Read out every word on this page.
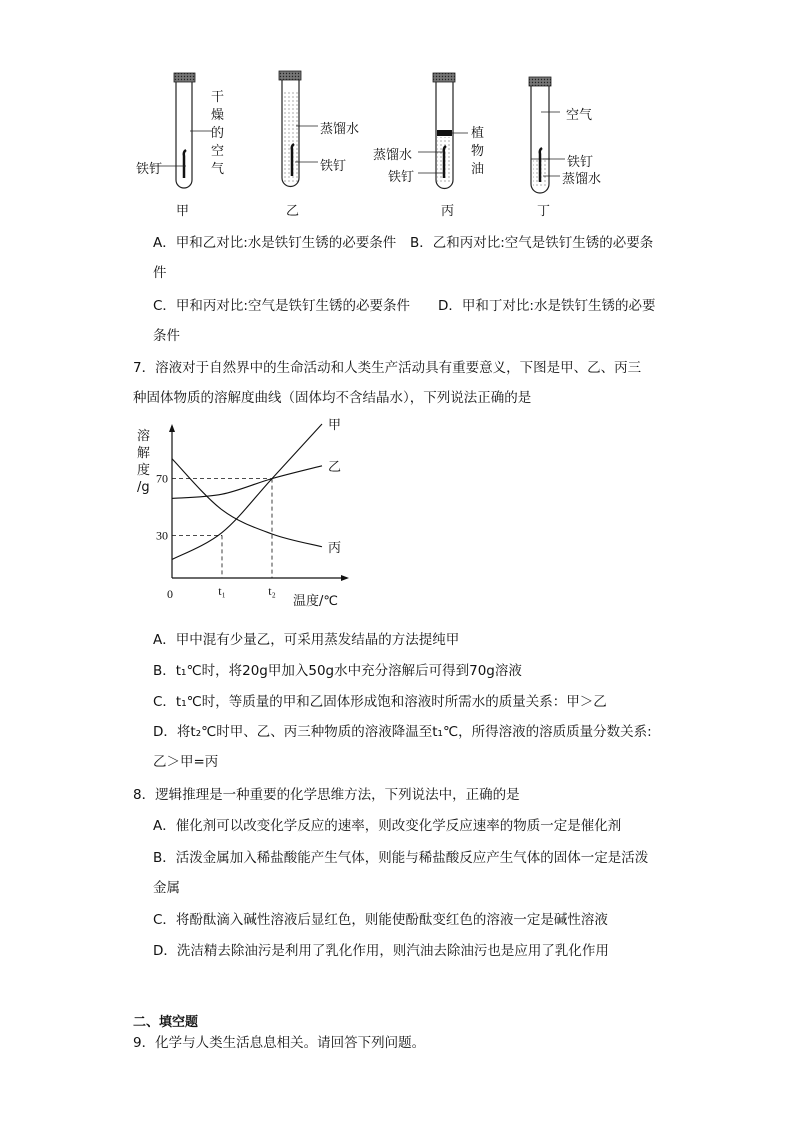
铁钉
干
燥
的
空
气
甲
蒸馏水
铁钉
乙
蒸馏水
铁钉
植
物
油
丙
空气
铁钉
蒸馏水
丁
A．甲和乙对比:水是铁钉生锈的必要条件 B．乙和丙对比:空气是铁钉生锈的必要条
件
C．甲和丙对比:空气是铁钉生锈的必要条件 D．甲和丁对比:水是铁钉生锈的必要
条件
7．溶液对于自然界中的生命活动和人类生产活动具有重要意义，下图是甲、乙、丙三
种固体物质的溶解度曲线（固体均不含结晶水），下列说法正确的是
溶
解
度
/g
甲
乙
丙
30
70
t₁	t₂
温度/℃
0
A．甲中混有少量乙，可采用蒸发结晶的方法提纯甲
B．t₁℃时，将20g甲加入50g水中充分溶解后可得到70g溶液
C．t₁℃时，等质量的甲和乙固体形成饱和溶液时所需水的质量关系：甲＞乙
D．将t₂℃时甲、乙、丙三种物质的溶液降温至t₁℃，所得溶液的溶质质量分数关系:
乙＞甲=丙
8．逻辑推理是一种重要的化学思维方法，下列说法中，正确的是
A．催化剂可以改变化学反应的速率，则改变化学反应速率的物质一定是催化剂
B．活泼金属加入稀盐酸能产生气体，则能与稀盐酸反应产生气体的固体一定是活泼
金属
C．将酚酞滴入碱性溶液后显红色，则能使酚酞变红色的溶液一定是碱性溶液
D．洗洁精去除油污是利用了乳化作用，则汽油去除油污也是应用了乳化作用
二、填空题
9．化学与人类生活息息相关。请回答下列问题。
